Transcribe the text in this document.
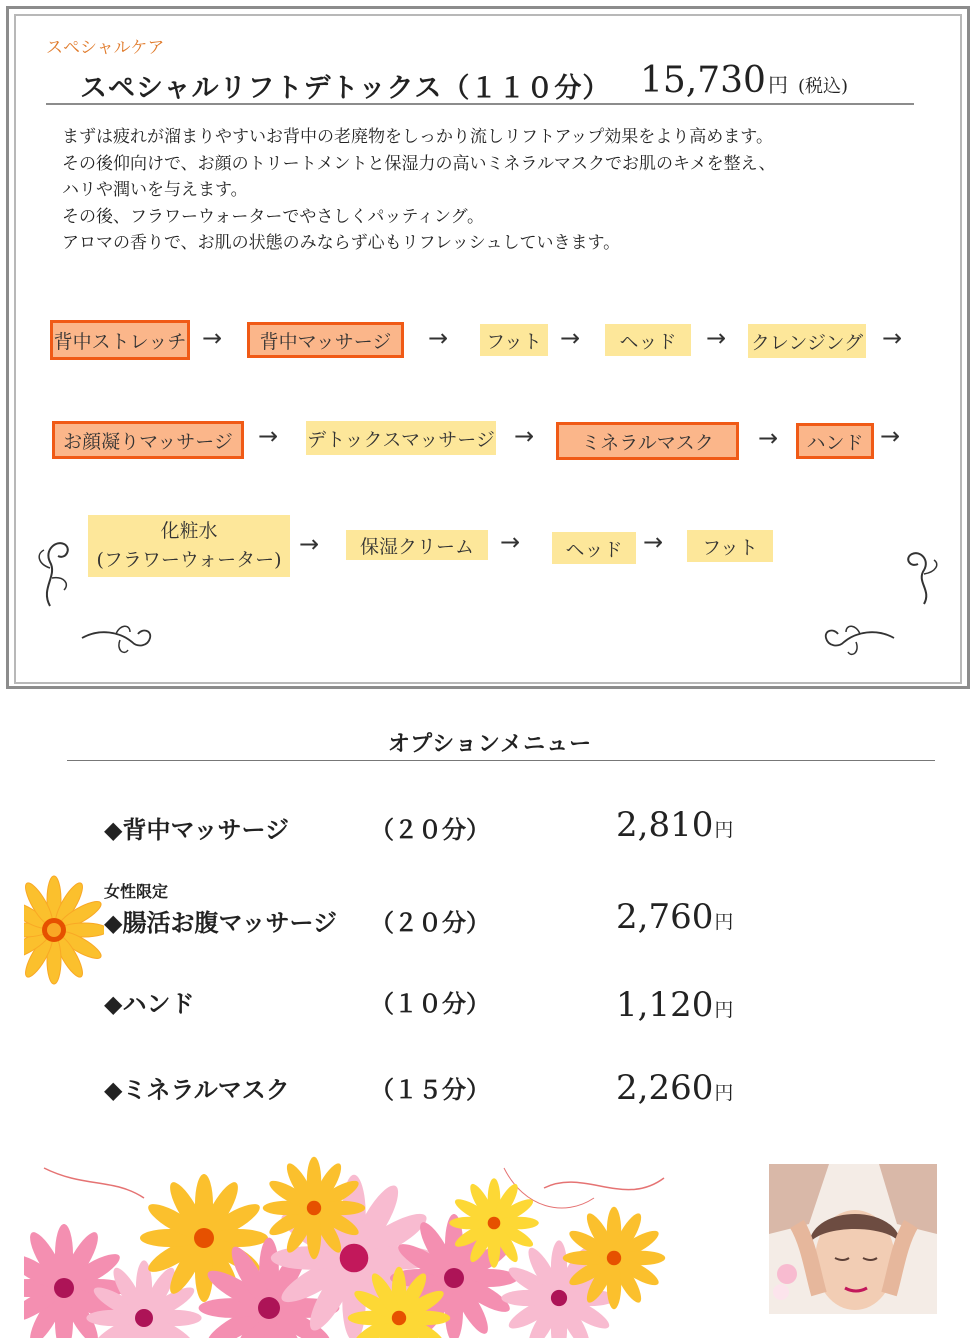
スペシャルケア
スペシャルリフトデトックス（１１０分） 15,730 円 (税込)
まずは疲れが溜まりやすいお背中の老廃物をしっかり流しリフトアップ効果をより高めます。
その後仰向けで、お顔のトリートメントと保湿力の高いミネラルマスクでお肌のキメを整え、
ハリや潤いを与えます。
その後、フラワーウォーターでやさしくパッティング。
アロマの香りで、お肌の状態のみならず心もリフレッシュしていきます。
背中ストレッチ →	背中マッサージ	→	フット →	ヘッド	→ クレンジング →
お顔凝りマッサージ	→ デトックスマッサージ →	ミネラルマスク	→	ハンド →
化粧水
(フラワーウォーター)
→	保湿クリーム	→	ヘッド →	フット
オプションメニュー
◆背中マッサージ	（２０分）	2,810円
女性限定
◆腸活お腹マッサージ （２０分）	2,760円
◆ハンド	（１０分）	1,120円
◆ミネラルマスク	（１５分）	2,260円
